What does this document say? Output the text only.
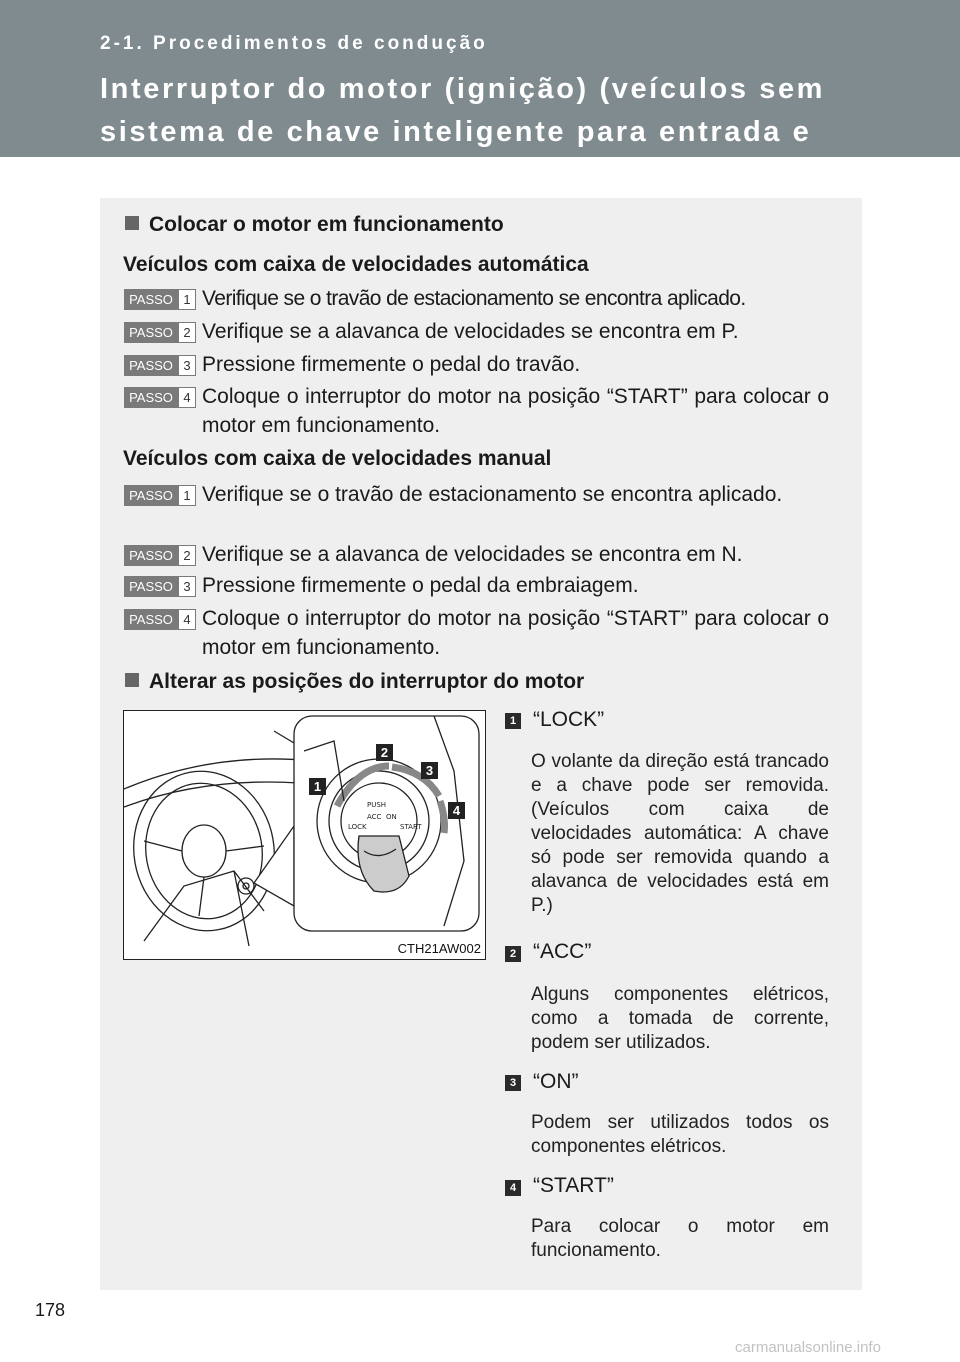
2-1. Procedimentos de condução
Interruptor do motor (ignição) (veículos sem sistema de chave inteligente para entrada e arranque)
Colocar o motor em funcionamento
Veículos com caixa de velocidades automática
PASSO 1 Verifique se o travão de estacionamento se encontra aplicado.
PASSO 2 Verifique se a alavanca de velocidades se encontra em P.
PASSO 3 Pressione firmemente o pedal do travão.
PASSO 4 Coloque o interruptor do motor na posição “START” para colocar o motor em funcionamento.
Veículos com caixa de velocidades manual
PASSO 1 Verifique se o travão de estacionamento se encontra aplicado.
PASSO 2 Verifique se a alavanca de velocidades se encontra em N.
PASSO 3 Pressione firmemente o pedal da embraiagem.
PASSO 4 Coloque o interruptor do motor na posição “START” para colocar o motor em funcionamento.
Alterar as posições do interruptor do motor
PUSH
LOCK
ACC ON
START
1
2
3
4
CTH21AW002
1 “LOCK”
O volante da direção está trancado e a chave pode ser removida. (Veículos com caixa de velocidades automática: A chave só pode ser removida quando a alavanca de velocidades está em P.)
2 “ACC”
Alguns componentes elétricos, como a tomada de corrente, podem ser utilizados.
3 “ON”
Podem ser utilizados todos os componentes elétricos.
4 “START”
Para colocar o motor em funcionamento.
178
carmanualsonline.info
